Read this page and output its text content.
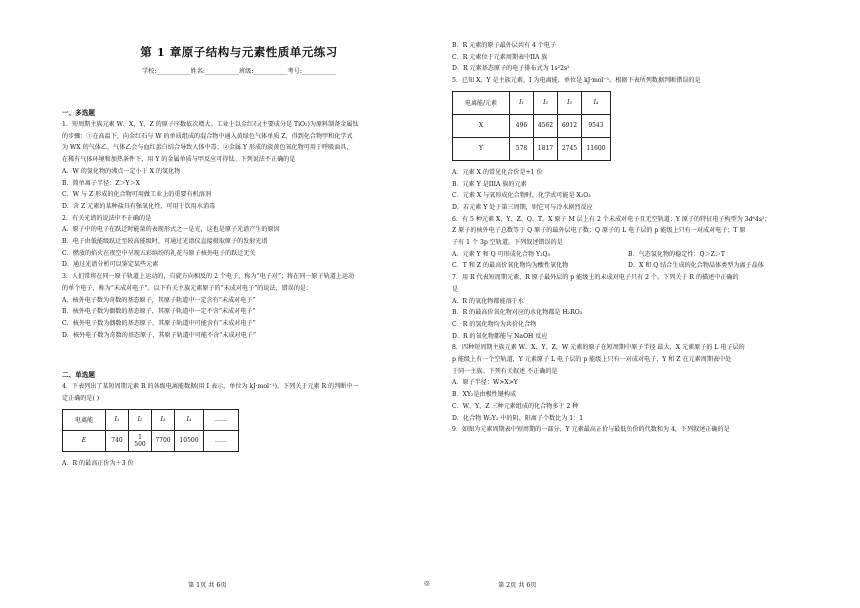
第 1 章原子结构与元素性质单元练习
学校:___________姓名:___________班级:___________考号:___________
一、多选题

1．短周期主族元素 W、X、Y、Z 的原子序数依次增大。工业上以金红石(主要成分是 TiO₂)为原料制备金属钛

的步骤：①在高温下，向金红石与 W 的单质组成的混合物中通入黄绿色气体单质 Z，得到化合物甲和化学式

为 WX 的气体乙，气体乙会与血红蛋白结合导致人体中毒；②金属 Y 形成的淡黄色氧化物可用于呼吸面具，

在稀有气体环境和加热条件下，用 Y 的金属单质与甲反应可得钛。下列说法不正确的是

A．W 的氢化物的沸点一定小于 X 的氢化物

B．简单离子半径：Z＞Y＞X

C．W 与 Z 形成的化合物可用做工业上的重要有机溶剂

D．含 Z 元素的某种盐具有强氧化性，可用于饮用水消毒

2．有关光谱的说法中不正确的是

A．原子中的电子在跃迁时能量的表现形式之一是光，这也是原子光谱产生的原因

B．电子由低能级跃迁至较高能级时，可通过光谱仪直接摄取原子的发射光谱

C．燃放的焰火在夜空中呈现五彩缤纷的礼花与原子核外电子的跃迁无关

D．通过光谱分析可以鉴定某些元素

3．人们常将在同一原子轨道上运动的，自旋方向相反的 2 个电子，称为“电子对”；将在同一原子轨道上运动

的单个电子，称为“未成对电子”。以下有关主族元素原子的“未成对电子”的说法，错误的是：

A．核外电子数为奇数的基态原子，其原子轨道中一定含有“未成对电子”

B．核外电子数为偶数的基态原子，其原子轨道中一定不含“未成对电子”

C．核外电子数为偶数的基态原子，其原子轨道中可能含有“未成对电子”

D．核外电子数为奇数的基态原子，其原子轨道中可能不含“未成对电子”

二、单选题

4．下表列出了某短周期元素 R 的各级电离能数据(用 I 表示，单位为 kJ·mol⁻¹)。下列关于元素 R 的判断中一

定正确的是( )

电离能	I₁	I₂	I₃	I₄	……
E	740	1 500	7700	10500	……

A．R 的最高正价为＋3 价

第 1页 共 6页	◎

B．R 元素的原子最外层共有 4 个电子

C．R 元素位于元素周期表中IIA 族

D．R 元素基态原子的电子排布式为 1s²2s²

5．已知 X、Y 是主族元素，I 为电离能，单位是 kJ·mol⁻¹。根据下表所列数据判断错误的是

电离能/元素	I₁	I₂	I₃	I₄
X	496	4562	6912	9543
Y	578	1817	2745	11600

A．元素 X 的常见化合价是+1 价

B．元素 Y 是IIIA 族的元素

C．元素 X 与氧形成化合物时，化学式可能是 X₂O₂

D．若元素 Y 处于第三周期，则它可与冷水剧烈反应

6．有 5 种元素 X、Y、Z、Q、T。X 原子 M 层上有 2 个未成对电子且无空轨道；Y 原子的特征电子构型为 3d⁶4s²；

Z 原子的核外电子总数等于 Q 原子的最外层电子数；Q 原子的 L 电子层的 p 能级上只有一对成对电子；T 原

子有 1 个 3p 空轨道。下列叙述错误的是

A．元素 Y 和 Q 可形成化合物 Y₂Q₃	B．气态氢化物的稳定性：Q＞Z＞T
C．T 和 Z 的最高价氧化物均为酸性氧化物	D．X 和 Q 结合生成的化合物晶体类型为离子晶体

7．用 R 代表短周期元素，R 原子最外层的 p 能级上的未成对电子只有 2 个。下列关于 R 的描述中正确的

是

A．R 的氧化物都能溶于水

B．R 的最高价氧化物对应的水化物都是 H₂RO₃

C．R 的氢化物均为共价化合物

D．R 的氧化物都能与 NaOH 反应

8．四种短周期主族元素 W、X、Y、Z，W 元素的原子在短周期中原子半径 最大，X 元素原子的 L 电子层的

p 能级上有一个空轨道，Y 元素原子 L 电子层的 p 能级上只有一对成对电子，Y 和 Z 在元素周期表中处

于同一主族。下列有关叙述 不正确的是

A．原子半径：W>X>Y

B．XY₂是由极性键构成

C．W、Y、Z 三种元素组成的化合物多于 2 种

D．化合物 W₂Y₂ 中的阴、阳离子个数比为 1：1

9．如图为元素周期表中短周期的一部分，Y 元素最高正价与最低负价的代数和为 4，下列叙述正确的是

第 2页 共 6页
